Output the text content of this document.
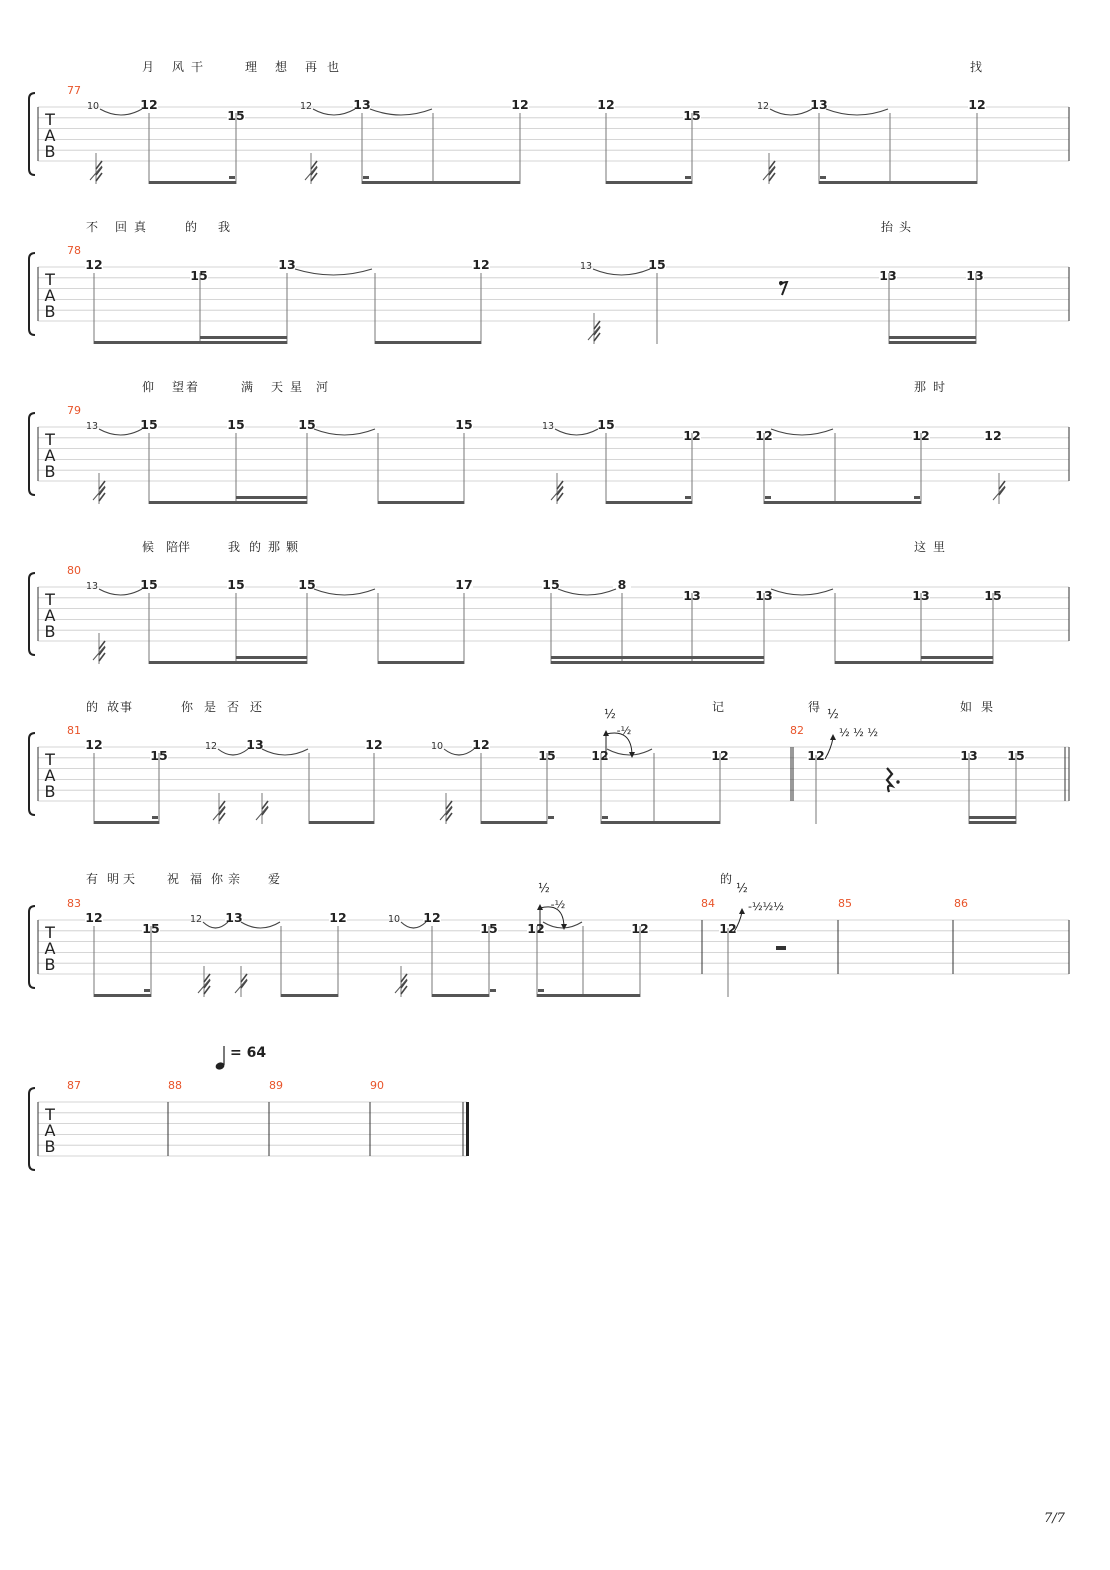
T
A
B
77
月 风 干	理 想 再 也	找
10	12	12
12
15
13	12	12
15
13	12
T
A
B
78
不 回 真	的 我	抬 头
13
12
15
13	12	15
13	13
T
A
B
79
仰 望 着	满 天 星 河	那 时
13	13
15	15	15	15	15
12	12	12	12
T
A
B
80
候 陪 伴	我 的 那 颗	这 里
13	15	15	15	17	15	8
13	13	13	15
T
A
B
81	82
的 故 事	你 是 否 还	记	得	如 果
12	10
12
15
13	12	12
15	12	12	12	13 15
½
-½
½
½ ½ ½
T
A
B
83	84	85	86
有 明 天	祝 福 你 亲 爱	的
12	10
12
15
13	12	12
15 12	12	12
½
-½
½
-½½½
T
A
B
87	88	89	90
= 64
7/7
